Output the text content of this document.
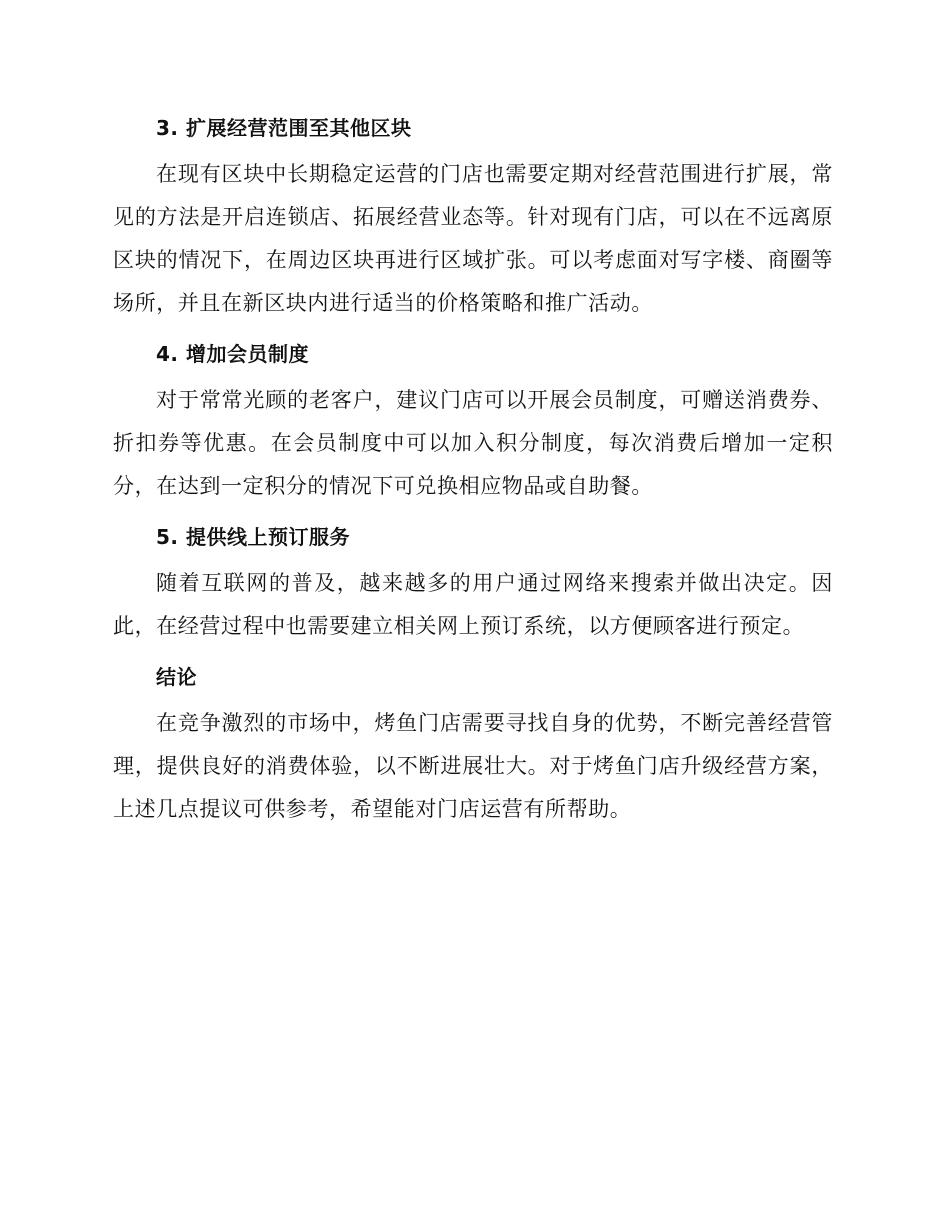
3. 扩展经营范围至其他区块

在现有区块中长期稳定运营的门店也需要定期对经营范围进行扩展，常见的方法是开启连锁店、拓展经营业态等。针对现有门店，可以在不远离原区块的情况下，在周边区块再进行区域扩张。可以考虑面对写字楼、商圈等场所，并且在新区块内进行适当的价格策略和推广活动。

4. 增加会员制度

对于常常光顾的老客户，建议门店可以开展会员制度，可赠送消费券、折扣券等优惠。在会员制度中可以加入积分制度，每次消费后增加一定积分，在达到一定积分的情况下可兑换相应物品或自助餐。

5. 提供线上预订服务

随着互联网的普及，越来越多的用户通过网络来搜索并做出决定。因此，在经营过程中也需要建立相关网上预订系统，以方便顾客进行预定。

结论

在竞争激烈的市场中，烤鱼门店需要寻找自身的优势，不断完善经营管理，提供良好的消费体验，以不断进展壮大。对于烤鱼门店升级经营方案，上述几点提议可供参考，希望能对门店运营有所帮助。
